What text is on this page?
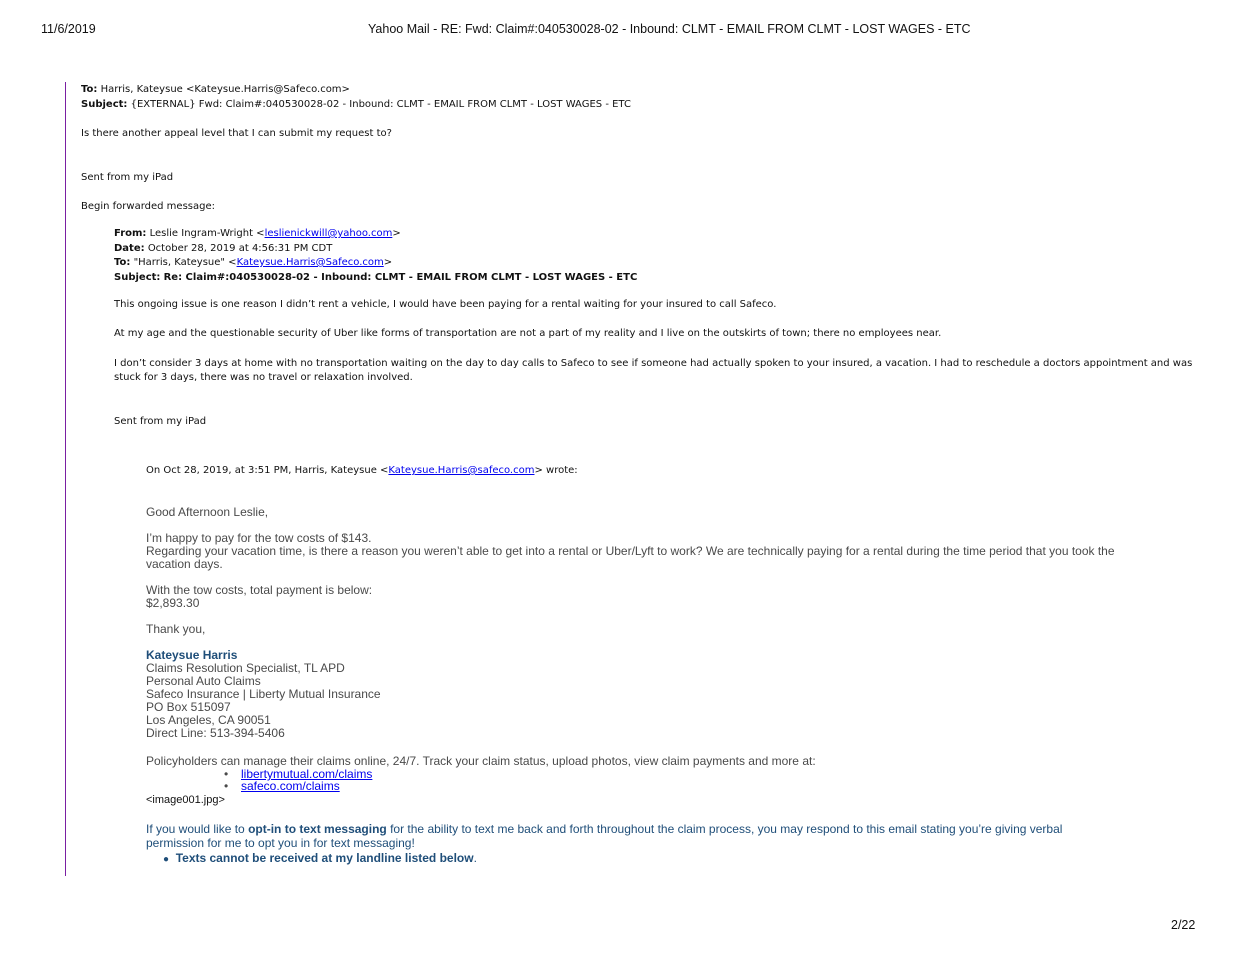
11/6/2019	Yahoo Mail - RE: Fwd: Claim#:040530028-02 - Inbound: CLMT - EMAIL FROM CLMT - LOST WAGES - ETC
To: Harris, Kateysue <Kateysue.Harris@Safeco.com>
Subject: {EXTERNAL} Fwd: Claim#:040530028-02 - Inbound: CLMT - EMAIL FROM CLMT - LOST WAGES - ETC
Is there another appeal level that I can submit my request to?
Sent from my iPad
Begin forwarded message:
From: Leslie Ingram-Wright <leslienickwill@yahoo.com>
Date: October 28, 2019 at 4:56:31 PM CDT
To: "Harris, Kateysue" <Kateysue.Harris@Safeco.com>
Subject: Re: Claim#:040530028-02 - Inbound: CLMT - EMAIL FROM CLMT - LOST WAGES - ETC
This ongoing issue is one reason I didn’t rent a vehicle, I would have been paying for a rental waiting for your insured to call Safeco.
At my age and the questionable security of Uber like forms of transportation are not a part of my reality and I live on the outskirts of town; there no employees near.
I don’t consider 3 days at home with no transportation waiting on the day to day calls to Safeco to see if someone had actually spoken to your insured, a vacation. I had to reschedule a doctors appointment and was
stuck for 3 days, there was no travel or relaxation involved.
Sent from my iPad
On Oct 28, 2019, at 3:51 PM, Harris, Kateysue <Kateysue.Harris@safeco.com> wrote:
Good Afternoon Leslie,
I’m happy to pay for the tow costs of $143.
Regarding your vacation time, is there a reason you weren’t able to get into a rental or Uber/Lyft to work? We are technically paying for a rental during the time period that you took the
vacation days.
With the tow costs, total payment is below:
$2,893.30
Thank you,
Kateysue Harris
Claims Resolution Specialist, TL APD
Personal Auto Claims
Safeco Insurance | Liberty Mutual Insurance
PO Box 515097
Los Angeles, CA 90051
Direct Line: 513-394-5406
Policyholders can manage their claims online, 24/7. Track your claim status, upload photos, view claim payments and more at:
• libertymutual.com/claims
• safeco.com/claims
<image001.jpg>
If you would like to opt-in to text messaging for the ability to text me back and forth throughout the claim process, you may respond to this email stating you’re giving verbal
permission for me to opt you in for text messaging!
● Texts cannot be received at my landline listed below.
2/22
